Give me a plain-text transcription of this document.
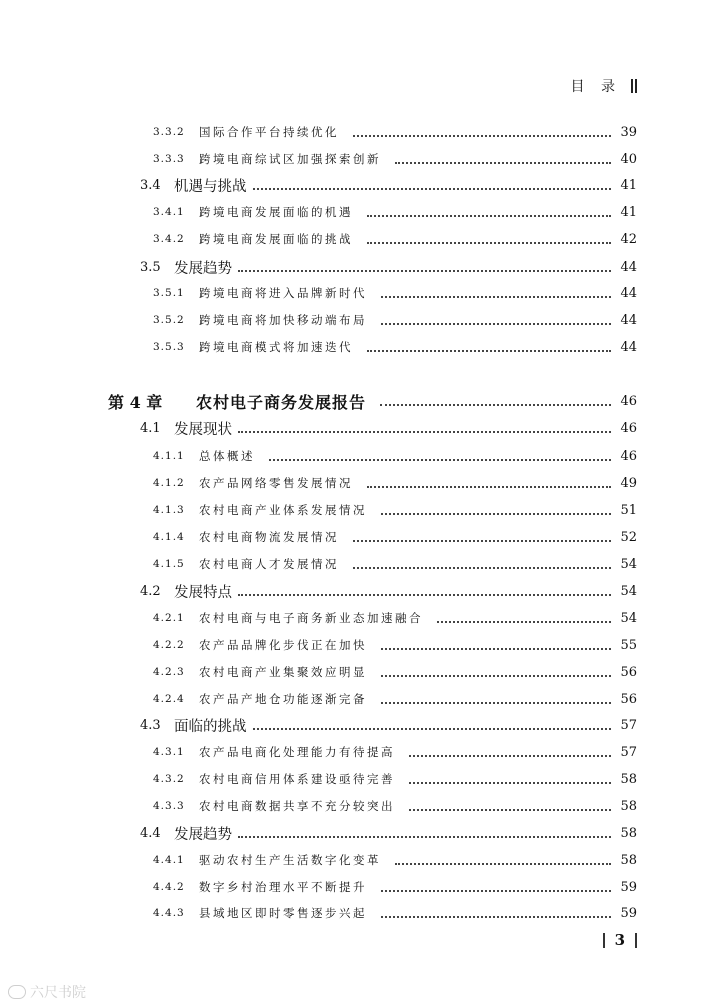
目 录
3.3.2	国际合作平台持续优化	39
3.3.3	跨境电商综试区加强探索创新	40
3.4 机遇与挑战	41
3.4.1	跨境电商发展面临的机遇	41
3.4.2	跨境电商发展面临的挑战	42
3.5 发展趋势	44
3.5.1	跨境电商将进入品牌新时代	44
3.5.2	跨境电商将加快移动端布局	44
3.5.3	跨境电商模式将加速迭代	44
第 4 章	农村电子商务发展报告	46
4.1 发展现状	46
4.1.1	总体概述	46
4.1.2	农产品网络零售发展情况	49
4.1.3	农村电商产业体系发展情况	51
4.1.4	农村电商物流发展情况	52
4.1.5	农村电商人才发展情况	54
4.2 发展特点	54
4.2.1	农村电商与电子商务新业态加速融合	54
4.2.2	农产品品牌化步伐正在加快	55
4.2.3	农村电商产业集聚效应明显	56
4.2.4	农产品产地仓功能逐渐完备	56
4.3 面临的挑战	57
4.3.1	农产品电商化处理能力有待提高	57
4.3.2	农村电商信用体系建设亟待完善	58
4.3.3	农村电商数据共享不充分较突出	58
4.4 发展趋势	58
4.4.1	驱动农村生产生活数字化变革	58
4.4.2	数字乡村治理水平不断提升	59
4.4.3	县域地区即时零售逐步兴起	59
3
六尺书院
